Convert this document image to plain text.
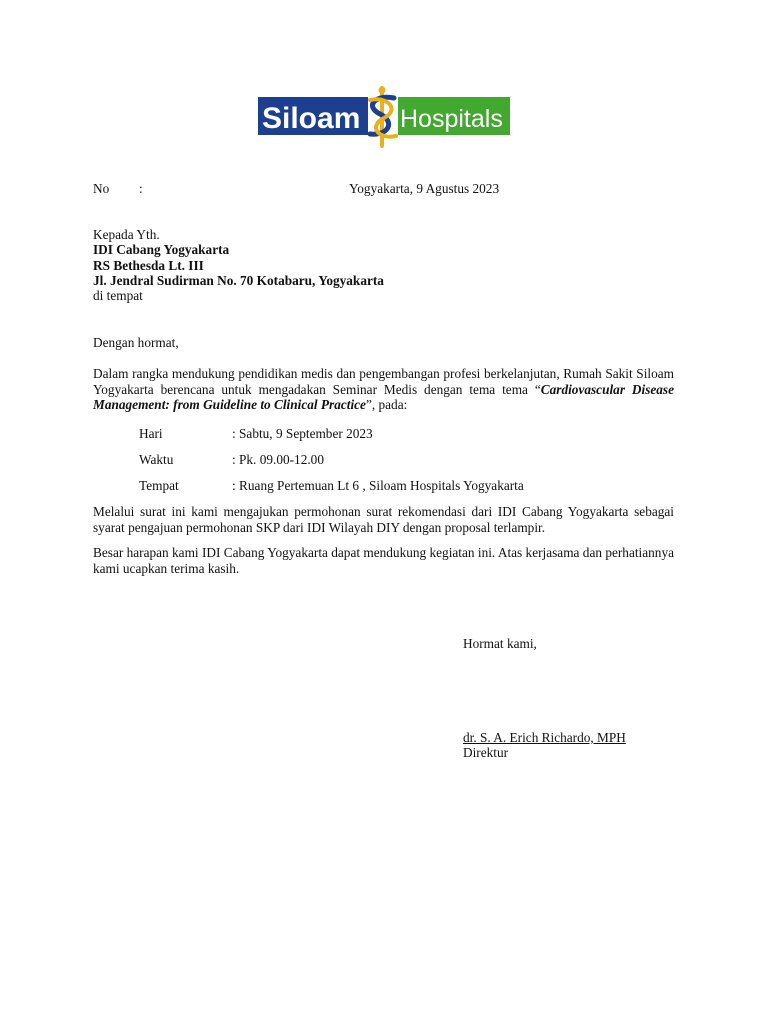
Siloam Hospitals
No :	Yogyakarta, 9 Agustus 2023
Kepada Yth.
IDI Cabang Yogyakarta
RS Bethesda Lt. III
Jl. Jendral Sudirman No. 70 Kotabaru, Yogyakarta
di tempat
Dengan hormat,
Dalam rangka mendukung pendidikan medis dan pengembangan profesi berkelanjutan, Rumah Sakit Siloam Yogyakarta berencana untuk mengadakan Seminar Medis dengan tema tema “Cardiovascular Disease Management: from Guideline to Clinical Practice”, pada:
Hari	: Sabtu, 9 September 2023
Waktu	: Pk. 09.00-12.00
Tempat	: Ruang Pertemuan Lt 6 , Siloam Hospitals Yogyakarta
Melalui surat ini kami mengajukan permohonan surat rekomendasi dari IDI Cabang Yogyakarta sebagai syarat pengajuan permohonan SKP dari IDI Wilayah DIY dengan proposal terlampir.
Besar harapan kami IDI Cabang Yogyakarta dapat mendukung kegiatan ini. Atas kerjasama dan perhatiannya kami ucapkan terima kasih.
Hormat kami,
dr. S. A. Erich Richardo, MPH
Direktur
